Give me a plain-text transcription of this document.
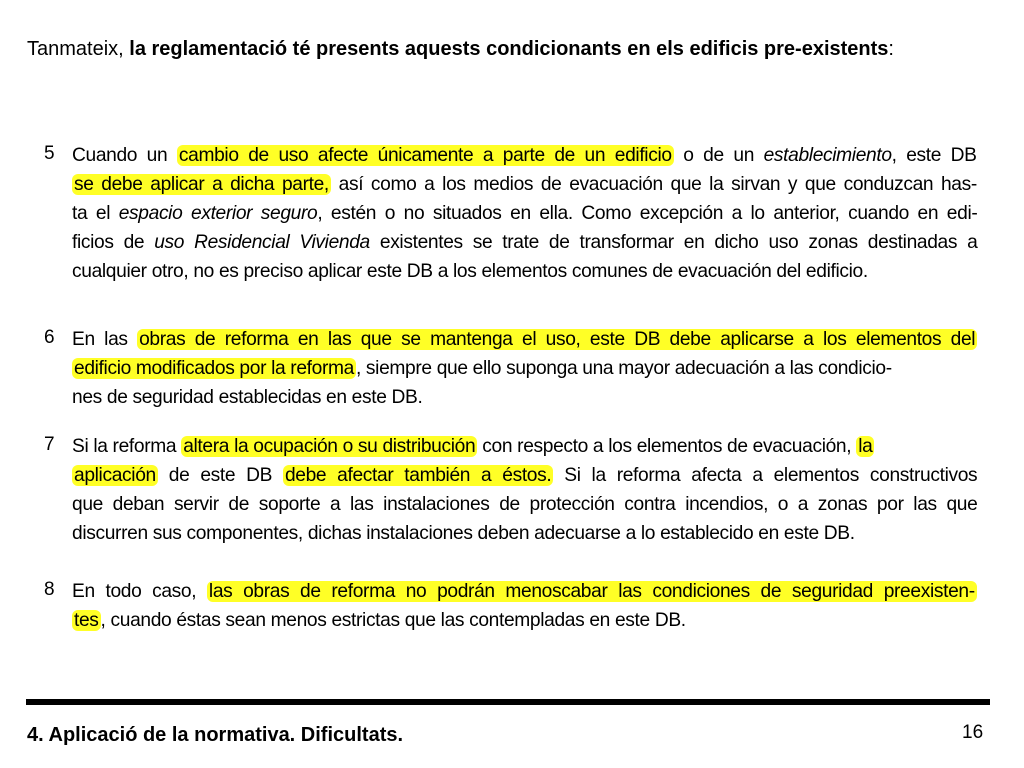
Tanmateix, la reglamentació té presents aquests condicionants en els edificis pre-existents:
5 Cuando un cambio de uso afecte únicamente a parte de un edificio o de un establecimiento, este DB
se debe aplicar a dicha parte, así como a los medios de evacuación que la sirvan y que conduzcan has-
ta el espacio exterior seguro, estén o no situados en ella. Como excepción a lo anterior, cuando en edi-
ficios de uso Residencial Vivienda existentes se trate de transformar en dicho uso zonas destinadas a
cualquier otro, no es preciso aplicar este DB a los elementos comunes de evacuación del edificio.
6 En las obras de reforma en las que se mantenga el uso, este DB debe aplicarse a los elementos del
edificio modificados por la reforma , siempre que ello suponga una mayor adecuación a las condicio-
nes de seguridad establecidas en este DB.
7 Si la reforma altera la ocupación o su distribución con respecto a los elementos de evacuación, la
aplicación de este DB debe afectar también a éstos. Si la reforma afecta a elementos constructivos
que deban servir de soporte a las instalaciones de protección contra incendios, o a zonas por las que
discurren sus componentes, dichas instalaciones deben adecuarse a lo establecido en este DB.
8 En todo caso, las obras de reforma no podrán menoscabar las condiciones de seguridad preexisten-
tes , cuando éstas sean menos estrictas que las contempladas en este DB.
4. Aplicació de la normativa. Dificultats.	16
